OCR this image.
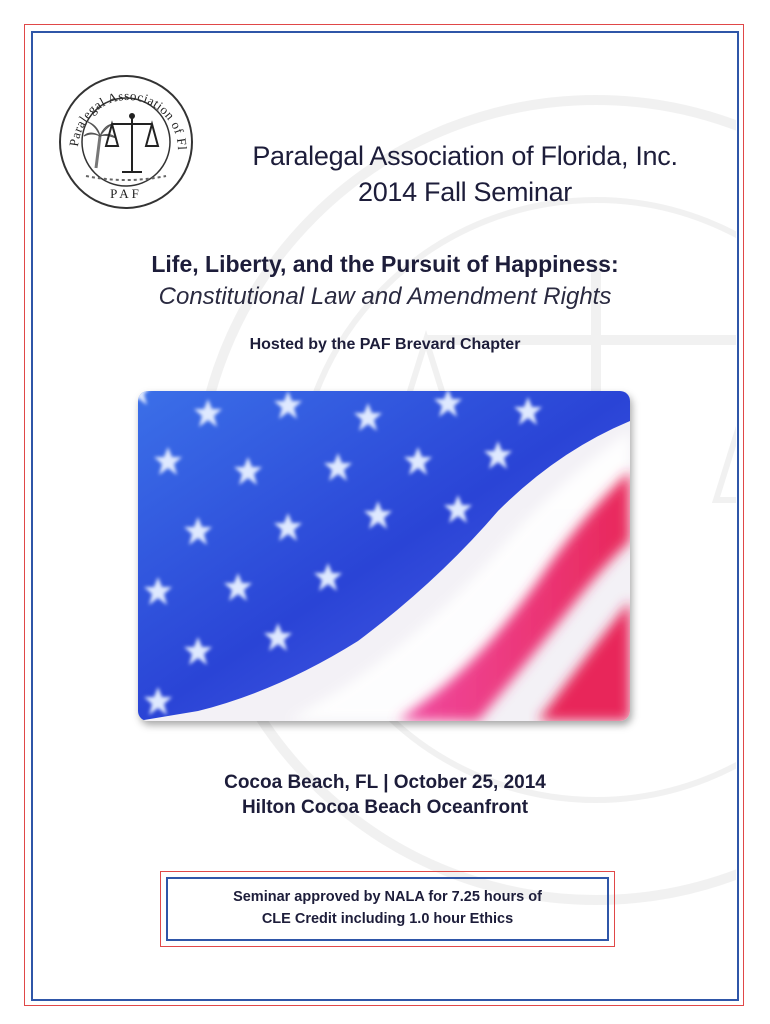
Paralegal Association of Fl
PAF
Paralegal Association of Florida, Inc.
2014 Fall Seminar
Life, Liberty, and the Pursuit of Happiness:
Constitutional Law and Amendment Rights
Hosted by the PAF Brevard Chapter
Cocoa Beach, FL | October 25, 2014
Hilton Cocoa Beach Oceanfront
Seminar approved by NALA for 7.25 hours of
CLE Credit including 1.0 hour Ethics
